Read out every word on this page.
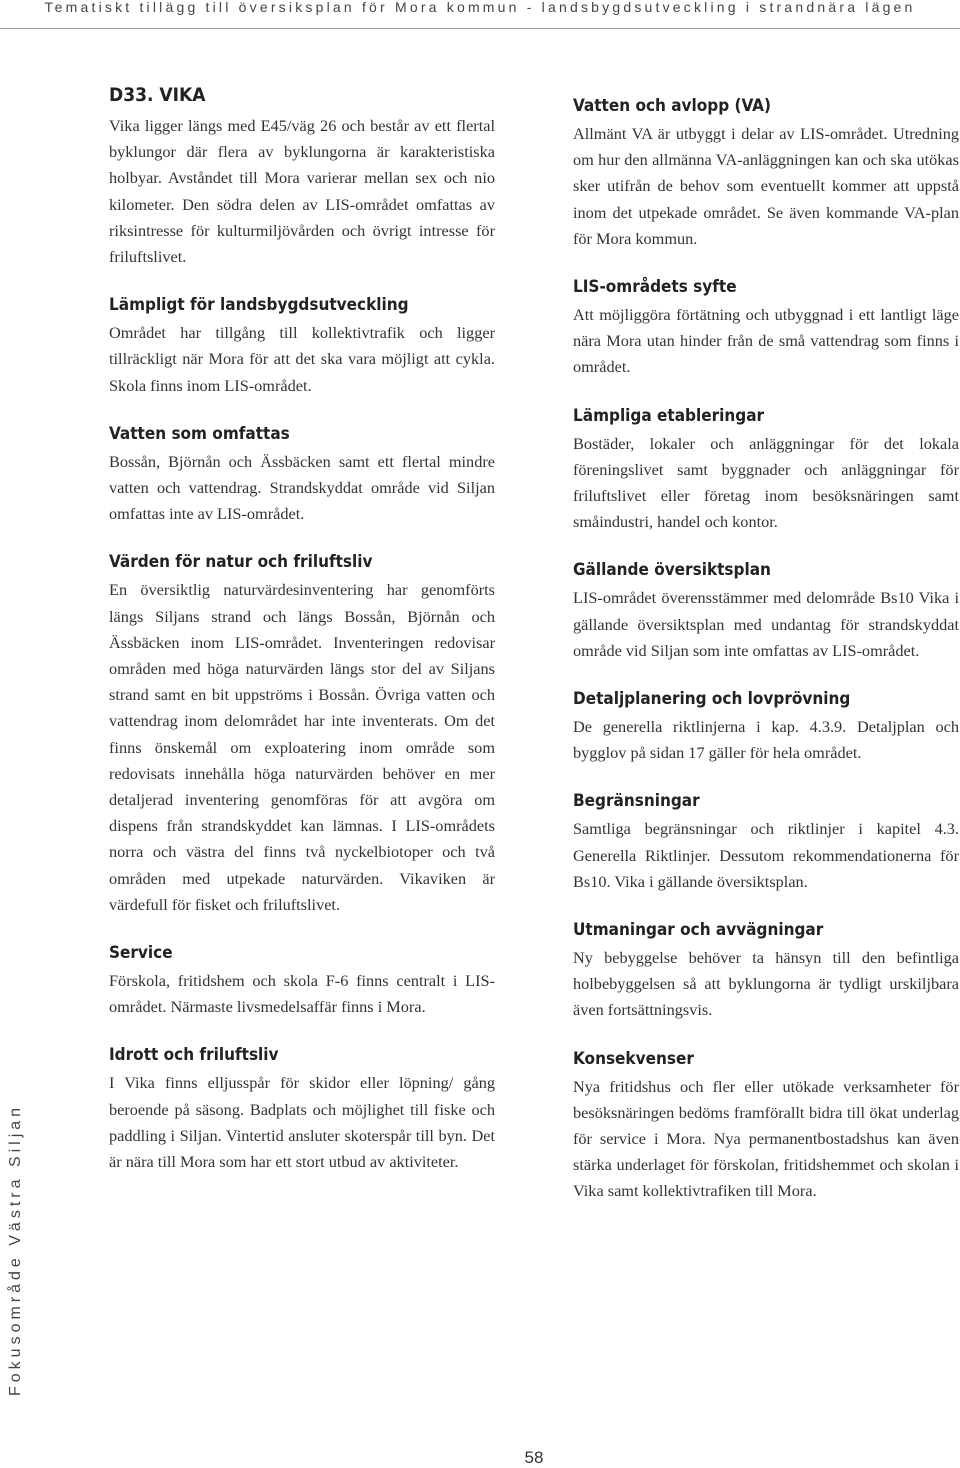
Tematiskt tillägg till översiksplan för Mora kommun - landsbygdsutveckling i strandnära lägen
Fokusområde Västra Siljan
D33. VIKA

Vika ligger längs med E45/väg 26 och består av ett flertal byklungor där flera av byklungorna är karakteristiska holbyar. Avståndet till Mora varierar mellan sex och nio kilometer. Den södra delen av LIS-området omfattas av riksintresse för kulturmiljövården och övrigt intresse för friluftslivet.

Lämpligt för landsbygdsutveckling

Området har tillgång till kollektivtrafik och ligger tillräckligt när Mora för att det ska vara möjligt att cykla. Skola finns inom LIS-området.

Vatten som omfattas

Bossån, Björnån och Ässbäcken samt ett flertal mindre vatten och vattendrag. Strandskyddat område vid Siljan omfattas inte av LIS-området.

Värden för natur och friluftsliv

En översiktlig naturvärdesinventering har genomförts längs Siljans strand och längs Bossån, Björnån och Ässbäcken inom LIS-området. Inventeringen redovisar områden med höga naturvärden längs stor del av Siljans strand samt en bit uppströms i Bossån. Övriga vatten och vattendrag inom delområdet har inte inventerats. Om det finns önskemål om exploatering inom område som redovisats innehålla höga naturvärden behöver en mer detaljerad inventering genomföras för att avgöra om dispens från strandskyddet kan lämnas. I LIS-områdets norra och västra del finns två nyckelbiotoper och två områden med utpekade naturvärden. Vikaviken är värdefull för fisket och friluftslivet.

Service

Förskola, fritidshem och skola F-6 finns centralt i LIS-området. Närmaste livsmedelsaffär finns i Mora.

Idrott och friluftsliv

I Vika finns elljusspår för skidor eller löpning/ gång beroende på säsong. Badplats och möjlighet till fiske och paddling i Siljan. Vintertid ansluter skoterspår till byn. Det är nära till Mora som har ett stort utbud av aktiviteter.

Vatten och avlopp (VA)

Allmänt VA är utbyggt i delar av LIS-området. Utredning om hur den allmänna VA-anläggningen kan och ska utökas sker utifrån de behov som eventuellt kommer att uppstå inom det utpekade området. Se även kommande VA-plan för Mora kommun.

LIS-områdets syfte

Att möjliggöra förtätning och utbyggnad i ett lantligt läge nära Mora utan hinder från de små vattendrag som finns i området.

Lämpliga etableringar

Bostäder, lokaler och anläggningar för det lokala föreningslivet samt byggnader och anläggningar för friluftslivet eller företag inom besöksnäringen samt småindustri, handel och kontor.

Gällande översiktsplan

LIS-området överensstämmer med delområde Bs10 Vika i gällande översiktsplan med undantag för strandskyddat område vid Siljan som inte omfattas av LIS-området.

Detaljplanering och lovprövning

De generella riktlinjerna i kap. 4.3.9. Detaljplan och bygglov på sidan 17 gäller för hela området.

Begränsningar

Samtliga begränsningar och riktlinjer i kapitel 4.3. Generella Riktlinjer. Dessutom rekommendationerna för Bs10. Vika i gällande översiktsplan.

Utmaningar och avvägningar

Ny bebyggelse behöver ta hänsyn till den befintliga holbebyggelsen så att byklungorna är tydligt urskiljbara även fortsättningsvis.

Konsekvenser

Nya fritidshus och fler eller utökade verksamheter för besöksnäringen bedöms framförallt bidra till ökat underlag för service i Mora. Nya permanentbostadshus kan även stärka underlaget för förskolan, fritidshemmet och skolan i Vika samt kollektivtrafiken till Mora.

58
